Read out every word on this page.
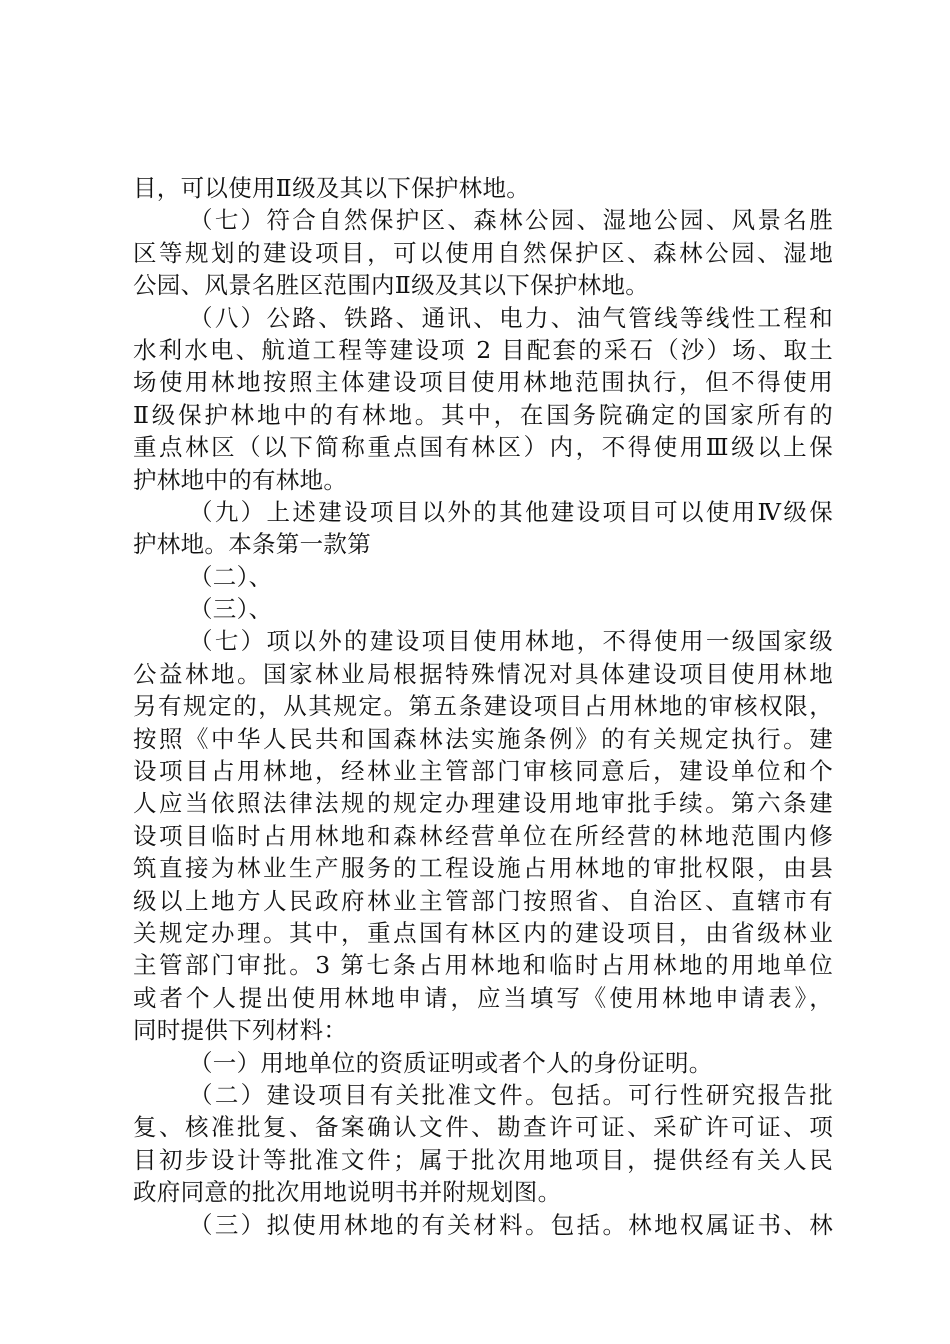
目，可以使用Ⅱ级及其以下保护林地。
（七）符合自然保护区、森林公园、湿地公园、风景名胜
区等规划的建设项目，可以使用自然保护区、森林公园、湿地
公园、风景名胜区范围内Ⅱ级及其以下保护林地。
（八）公路、铁路、通讯、电力、油气管线等线性工程和
水利水电、航道工程等建设项 2 目配套的采石（沙）场、取土
场使用林地按照主体建设项目使用林地范围执行，但不得使用
Ⅱ级保护林地中的有林地。其中，在国务院确定的国家所有的
重点林区（以下简称重点国有林区）内，不得使用Ⅲ级以上保
护林地中的有林地。
（九）上述建设项目以外的其他建设项目可以使用Ⅳ级保
护林地。本条第一款第
（二）、
（三）、
（七）项以外的建设项目使用林地，不得使用一级国家级
公益林地。国家林业局根据特殊情况对具体建设项目使用林地
另有规定的，从其规定。第五条建设项目占用林地的审核权限，
按照《中华人民共和国森林法实施条例》的有关规定执行。建
设项目占用林地，经林业主管部门审核同意后，建设单位和个
人应当依照法律法规的规定办理建设用地审批手续。第六条建
设项目临时占用林地和森林经营单位在所经营的林地范围内修
筑直接为林业生产服务的工程设施占用林地的审批权限，由县
级以上地方人民政府林业主管部门按照省、自治区、直辖市有
关规定办理。其中，重点国有林区内的建设项目，由省级林业
主管部门审批。3 第七条占用林地和临时占用林地的用地单位
或者个人提出使用林地申请，应当填写《使用林地申请表》，
同时提供下列材料：
（一）用地单位的资质证明或者个人的身份证明。
（二）建设项目有关批准文件。包括。可行性研究报告批
复、核准批复、备案确认文件、勘查许可证、采矿许可证、项
目初步设计等批准文件；属于批次用地项目，提供经有关人民
政府同意的批次用地说明书并附规划图。
（三）拟使用林地的有关材料。包括。林地权属证书、林
